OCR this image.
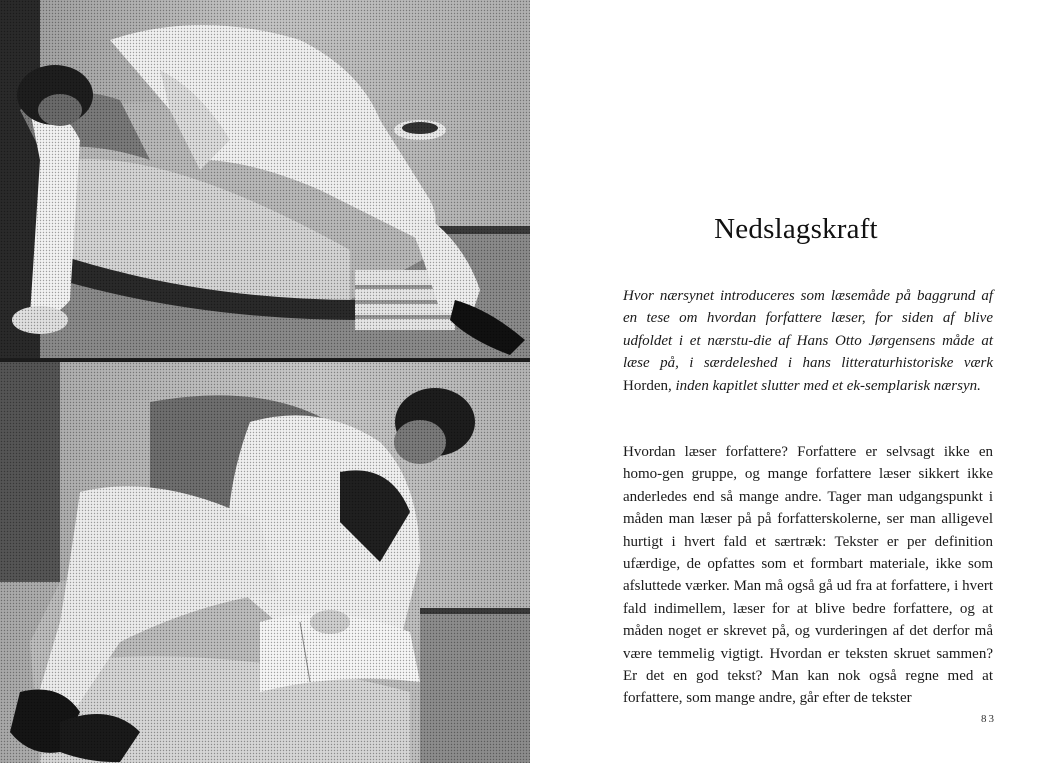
Nedslagskraft

Hvor nærsynet introduceres som læsemåde på baggrund af en tese om hvordan forfattere læser, for siden af blive udfoldet i et nærstu-die af Hans Otto Jørgensens måde at læse på, i særdeleshed i hans litteraturhistoriske værk Horden, inden kapitlet slutter med et ek-semplarisk nærsyn.

Hvordan læser forfattere? Forfattere er selvsagt ikke en homo-gen gruppe, og mange forfattere læser sikkert ikke anderledes end så mange andre. Tager man udgangspunkt i måden man læser på på forfatterskolerne, ser man alligevel hurtigt i hvert fald et særtræk: Tekster er per definition ufærdige, de opfattes som et formbart materiale, ikke som afsluttede værker. Man må også gå ud fra at forfattere, i hvert fald indimellem, læser for at blive bedre forfattere, og at måden noget er skrevet på, og vurderingen af det derfor må være temmelig vigtigt. Hvordan er teksten skruet sammen? Er det en god tekst? Man kan nok også regne med at forfattere, som mange andre, går efter de tekster

83
